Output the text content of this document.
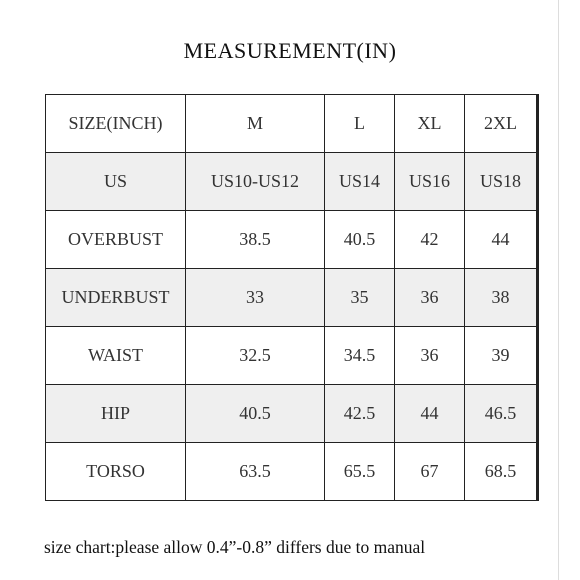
MEASUREMENT(IN)
SIZE(INCH)	M	L	XL	2XL
US	US10-US12	US14	US16	US18
OVERBUST	38.5	40.5	42	44
UNDERBUST	33	35	36	38
WAIST	32.5	34.5	36	39
HIP	40.5	42.5	44	46.5
TORSO	63.5	65.5	67	68.5
size chart:please allow 0.4”-0.8” differs due to manual
